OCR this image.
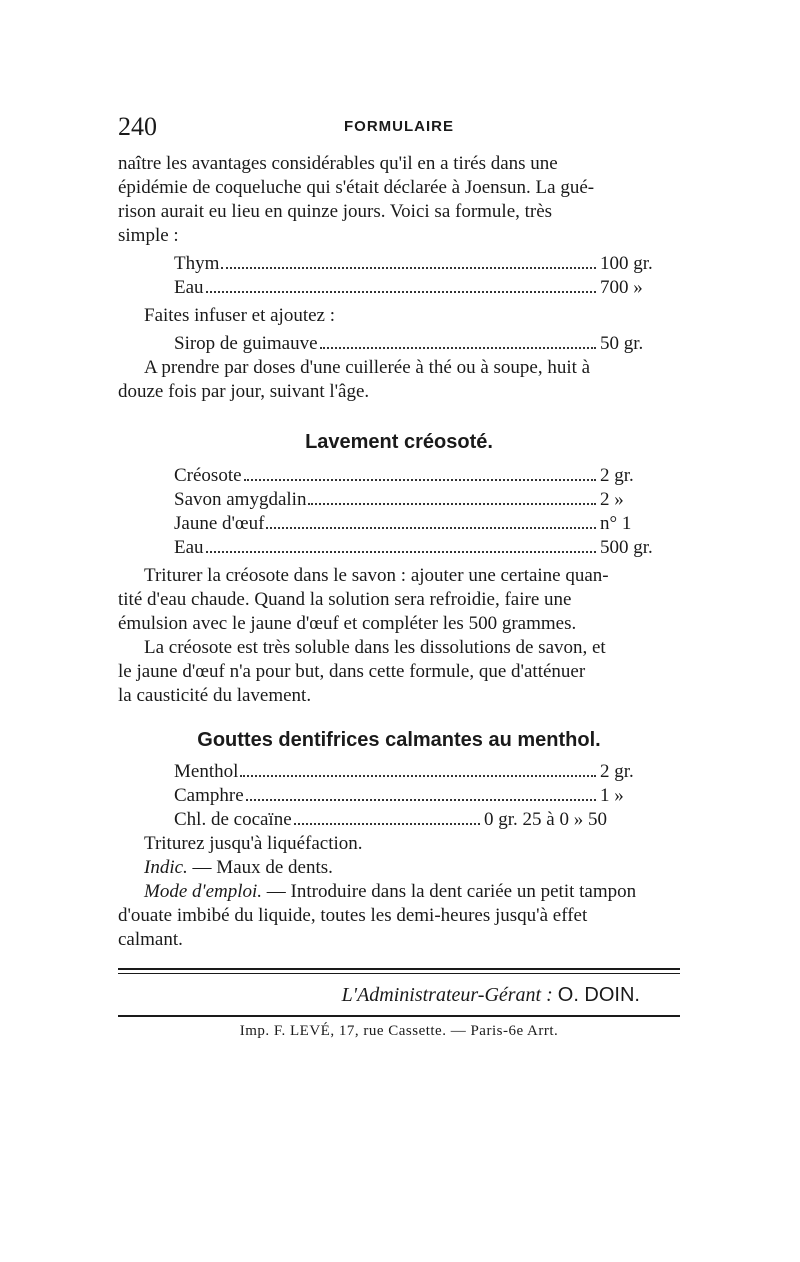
240	FORMULAIRE

naître les avantages considérables qu'il en a tirés dans une

épidémie de coqueluche qui s'était déclarée à Joensun. La gué-

rison aurait eu lieu en quinze jours. Voici sa formule, très

simple :

Thym	100 gr.
Eau	700 »

Faites infuser et ajoutez :

Sirop de guimauve	50 gr.

A prendre par doses d'une cuillerée à thé ou à soupe, huit à

douze fois par jour, suivant l'âge.

Lavement créosoté.
Créosote	2 gr.
Savon amygdalin	2 »
Jaune d'œuf	n° 1
Eau	500 gr.

Triturer la créosote dans le savon : ajouter une certaine quan-

tité d'eau chaude. Quand la solution sera refroidie, faire une

émulsion avec le jaune d'œuf et compléter les 500 grammes.

La créosote est très soluble dans les dissolutions de savon, et

le jaune d'œuf n'a pour but, dans cette formule, que d'atténuer

la causticité du lavement.

Gouttes dentifrices calmantes au menthol.
Menthol	2 gr.
Camphre	1 »
Chl. de cocaïne	0 gr. 25 à 0 » 50

Triturez jusqu'à liquéfaction.

Indic. — Maux de dents.

Mode d'emploi. — Introduire dans la dent cariée un petit tampon

d'ouate imbibé du liquide, toutes les demi-heures jusqu'à effet

calmant.

L'Administrateur-Gérant : O. DOIN.
Imp. F. LEVÉ, 17, rue Cassette. — Paris-6e Arrt.
